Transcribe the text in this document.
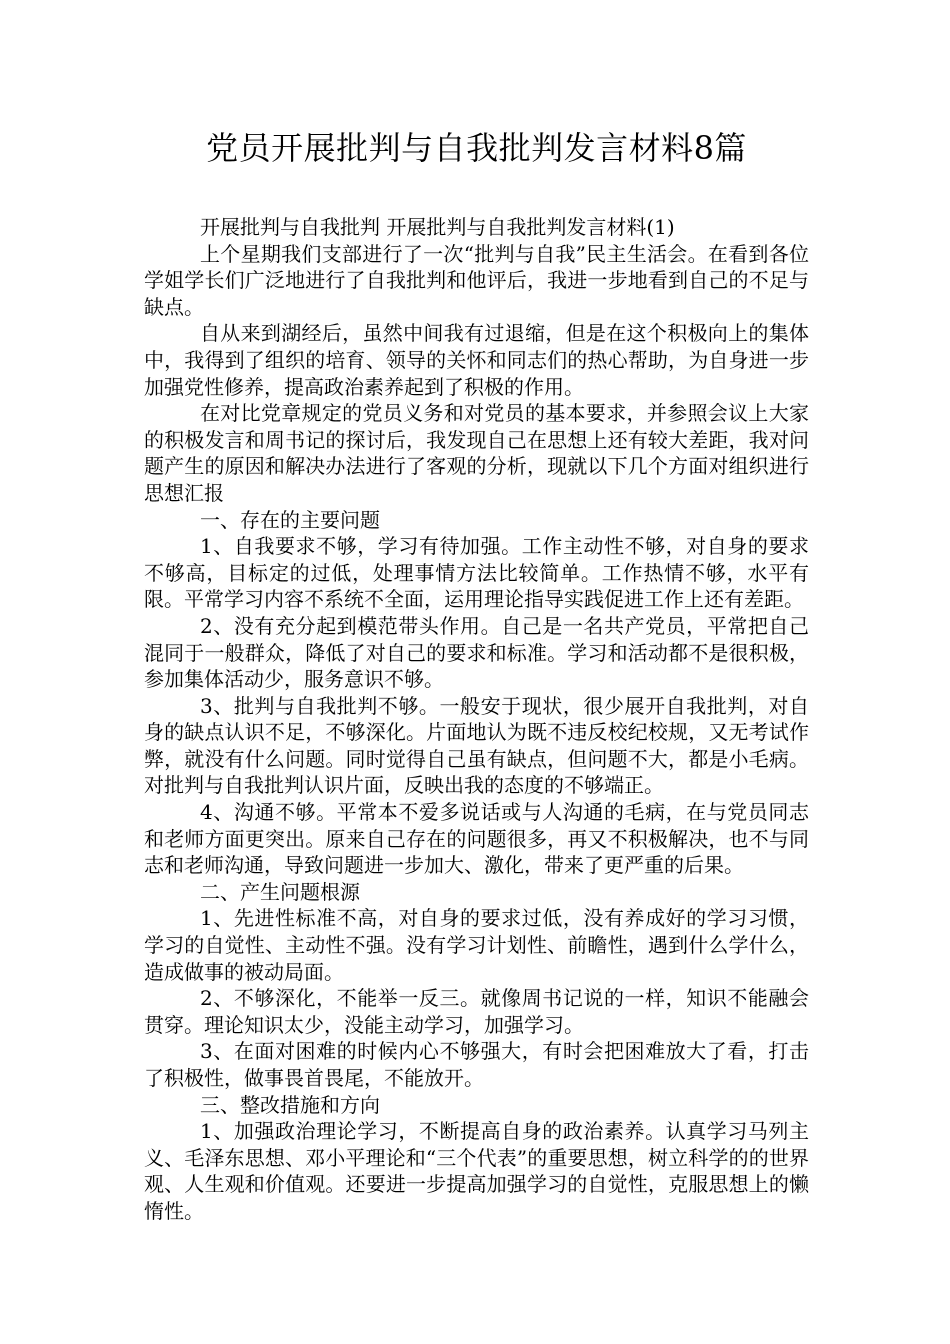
党员开展批判与自我批判发言材料8篇

开展批判与自我批判 开展批判与自我批判发言材料(1)

上个星期我们支部进行了一次“批判与自我”民主生活会。在看到各位学姐学长们广泛地进行了自我批判和他评后，我进一步地看到自己的不足与缺点。

自从来到湖经后，虽然中间我有过退缩，但是在这个积极向上的集体中，我得到了组织的培育、领导的关怀和同志们的热心帮助，为自身进一步加强党性修养，提高政治素养起到了积极的作用。

在对比党章规定的党员义务和对党员的基本要求，并参照会议上大家的积极发言和周书记的探讨后，我发现自己在思想上还有较大差距，我对问题产生的原因和解决办法进行了客观的分析，现就以下几个方面对组织进行思想汇报

一、存在的主要问题

1、自我要求不够，学习有待加强。工作主动性不够，对自身的要求不够高，目标定的过低，处理事情方法比较简单。工作热情不够，水平有限。平常学习内容不系统不全面，运用理论指导实践促进工作上还有差距。

2、没有充分起到模范带头作用。自己是一名共产党员，平常把自己混同于一般群众，降低了对自己的要求和标准。学习和活动都不是很积极，参加集体活动少，服务意识不够。

3、批判与自我批判不够。一般安于现状，很少展开自我批判，对自身的缺点认识不足，不够深化。片面地认为既不违反校纪校规，又无考试作弊，就没有什么问题。同时觉得自己虽有缺点，但问题不大，都是小毛病。对批判与自我批判认识片面，反映出我的态度的不够端正。

4、沟通不够。平常本不爱多说话或与人沟通的毛病，在与党员同志和老师方面更突出。原来自己存在的问题很多，再又不积极解决，也不与同志和老师沟通，导致问题进一步加大、激化，带来了更严重的后果。

二、产生问题根源

1、先进性标准不高，对自身的要求过低，没有养成好的学习习惯，学习的自觉性、主动性不强。没有学习计划性、前瞻性，遇到什么学什么，造成做事的被动局面。

2、不够深化，不能举一反三。就像周书记说的一样，知识不能融会贯穿。理论知识太少，没能主动学习，加强学习。

3、在面对困难的时候内心不够强大，有时会把困难放大了看，打击了积极性，做事畏首畏尾，不能放开。

三、整改措施和方向

1、加强政治理论学习，不断提高自身的政治素养。认真学习马列主义、毛泽东思想、邓小平理论和“三个代表”的重要思想，树立科学的的世界观、人生观和价值观。还要进一步提高加强学习的自觉性，克服思想上的懒惰性。
